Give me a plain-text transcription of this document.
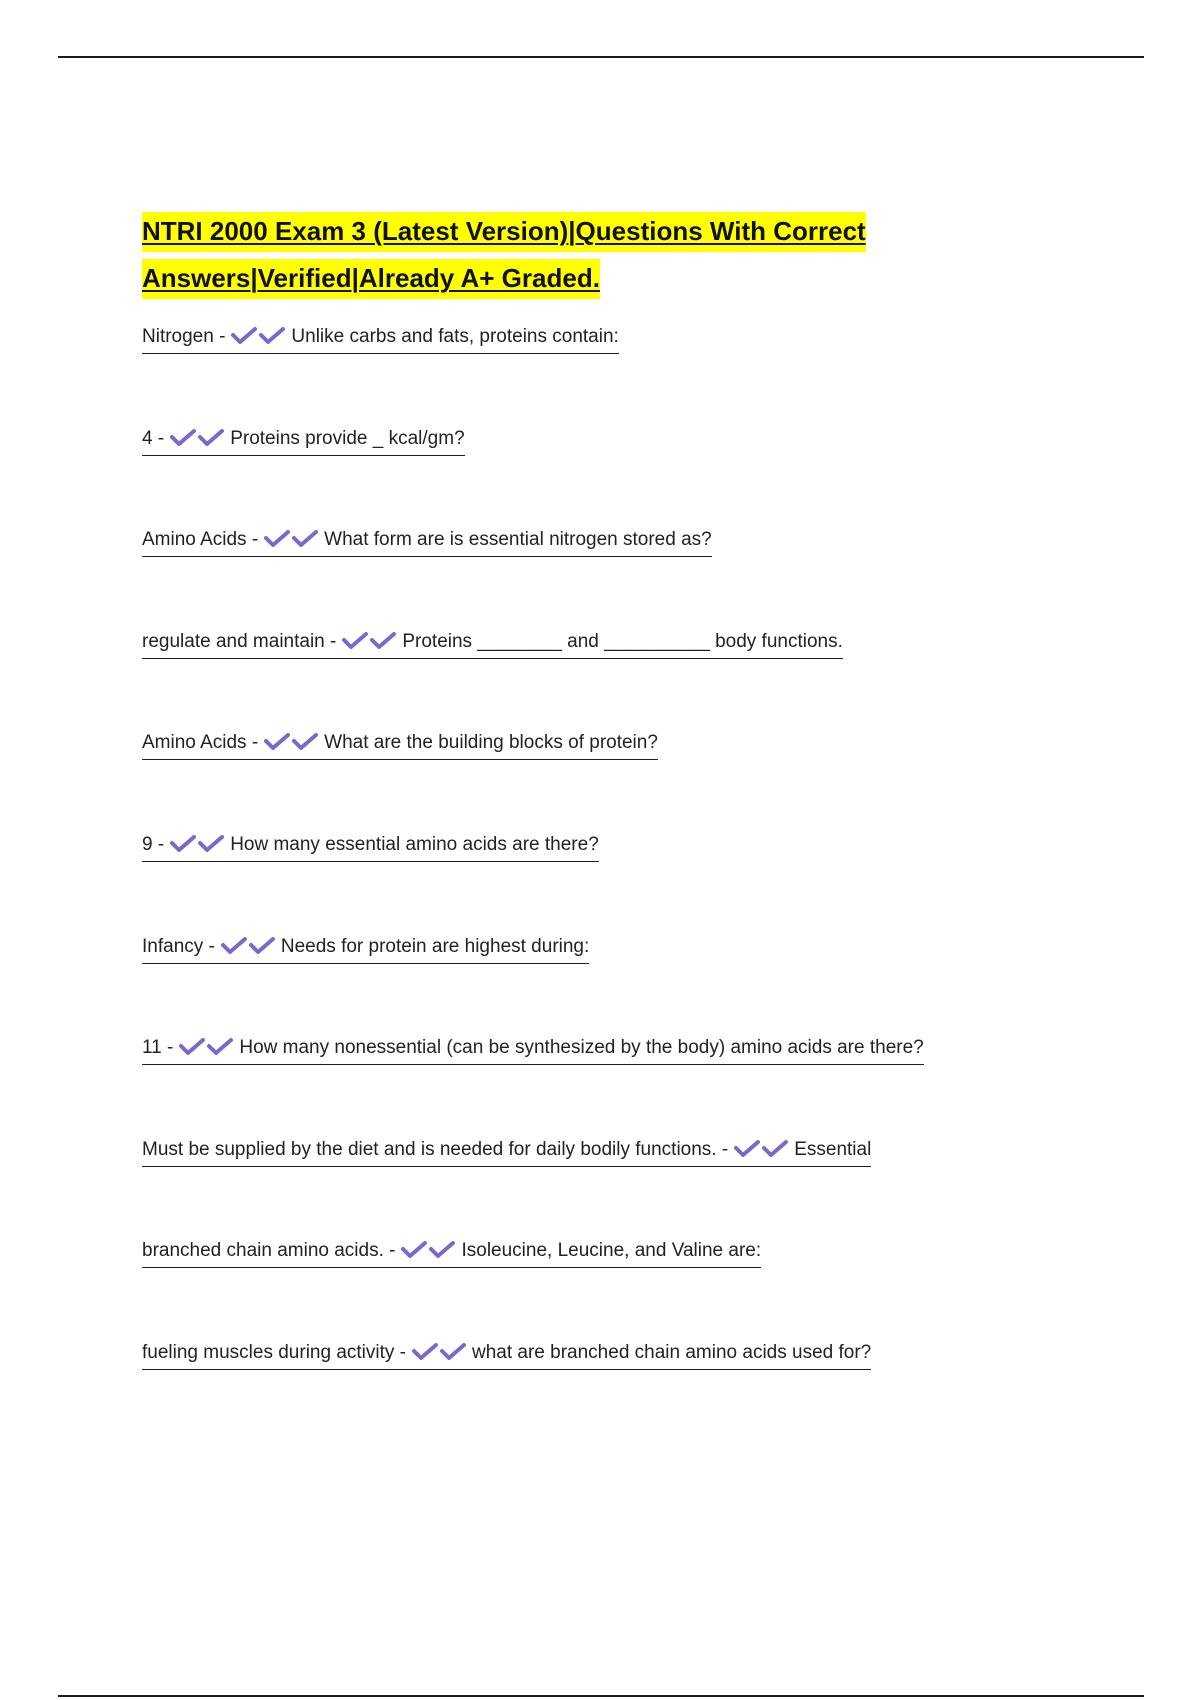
NTRI 2000 Exam 3 (Latest Version)|Questions With Correct
Answers|Verified|Already A+ Graded.
Nitrogen -	Unlike carbs and fats, proteins contain:
4 -	Proteins provide _ kcal/gm?
Amino Acids -	What form are is essential nitrogen stored as?
regulate and maintain -	Proteins ________ and __________ body functions.
Amino Acids -	What are the building blocks of protein?
9 -	How many essential amino acids are there?
Infancy -	Needs for protein are highest during:
11 -	How many nonessential (can be synthesized by the body) amino acids are there?
Must be supplied by the diet and is needed for daily bodily functions. -	Essential
branched chain amino acids. -	Isoleucine, Leucine, and Valine are:
fueling muscles during activity -	what are branched chain amino acids used for?
